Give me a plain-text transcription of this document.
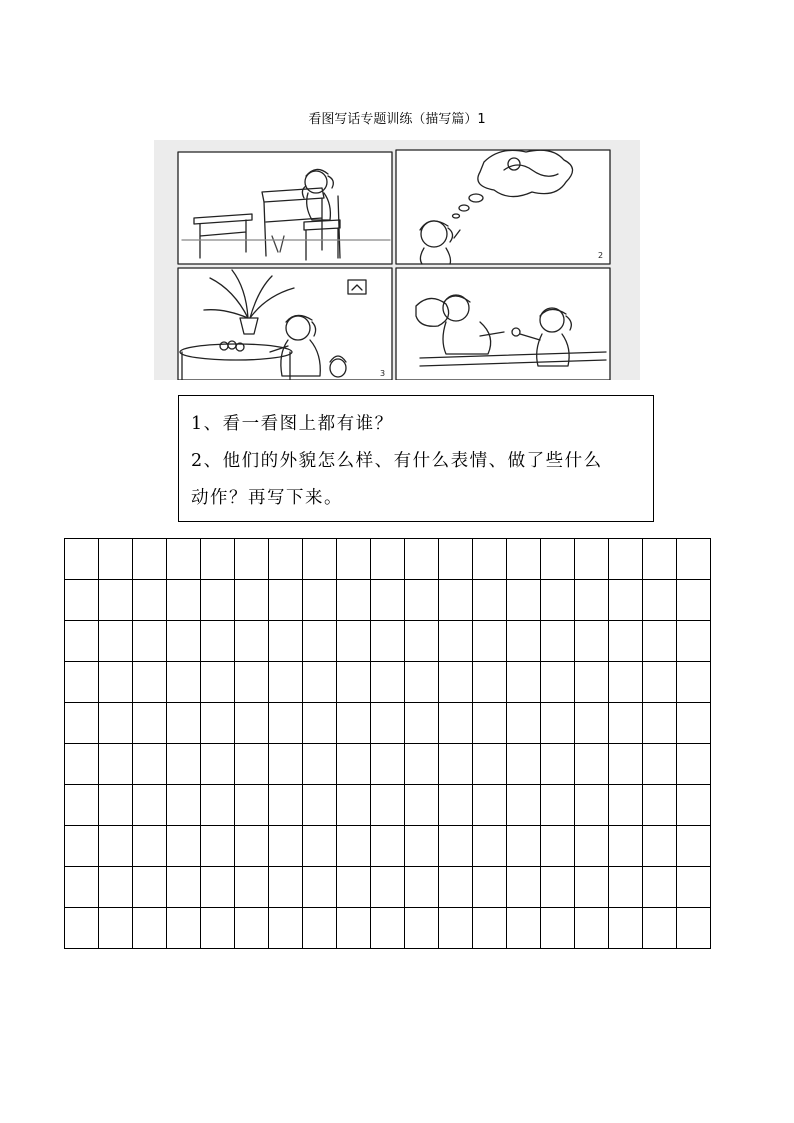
看图写话专题训练（描写篇）1
2
3

1、看一看图上都有谁？

2、他们的外貌怎么样、有什么表情、做了些什么

动作？再写下来。
